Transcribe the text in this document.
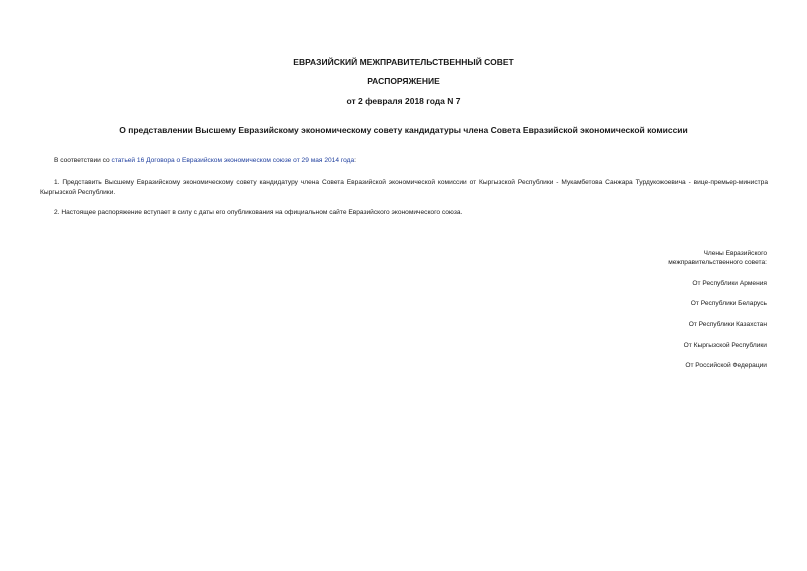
ЕВРАЗИЙСКИЙ МЕЖПРАВИТЕЛЬСТВЕННЫЙ СОВЕТ
РАСПОРЯЖЕНИЕ
от 2 февраля 2018 года N 7
О представлении Высшему Евразийскому экономическому совету кандидатуры члена Совета Евразийской экономической комиссии
В соответствии со статьей 16 Договора о Евразийском экономическом союзе от 29 мая 2014 года:
1. Представить Высшему Евразийскому экономическому совету кандидатуру члена Совета Евразийской экономической комиссии от Кыргызской Республики - Мукамбетова Санжара Турдукожоевича - вице-премьер-министра Кыргызской Республики.
2. Настоящее распоряжение вступает в силу с даты его опубликования на официальном сайте Евразийского экономического союза.
Члены Евразийского
межправительственного совета:
От Республики Армения
От Республики Беларусь
От Республики Казахстан
От Кыргызской Республики
От Российской Федерации
